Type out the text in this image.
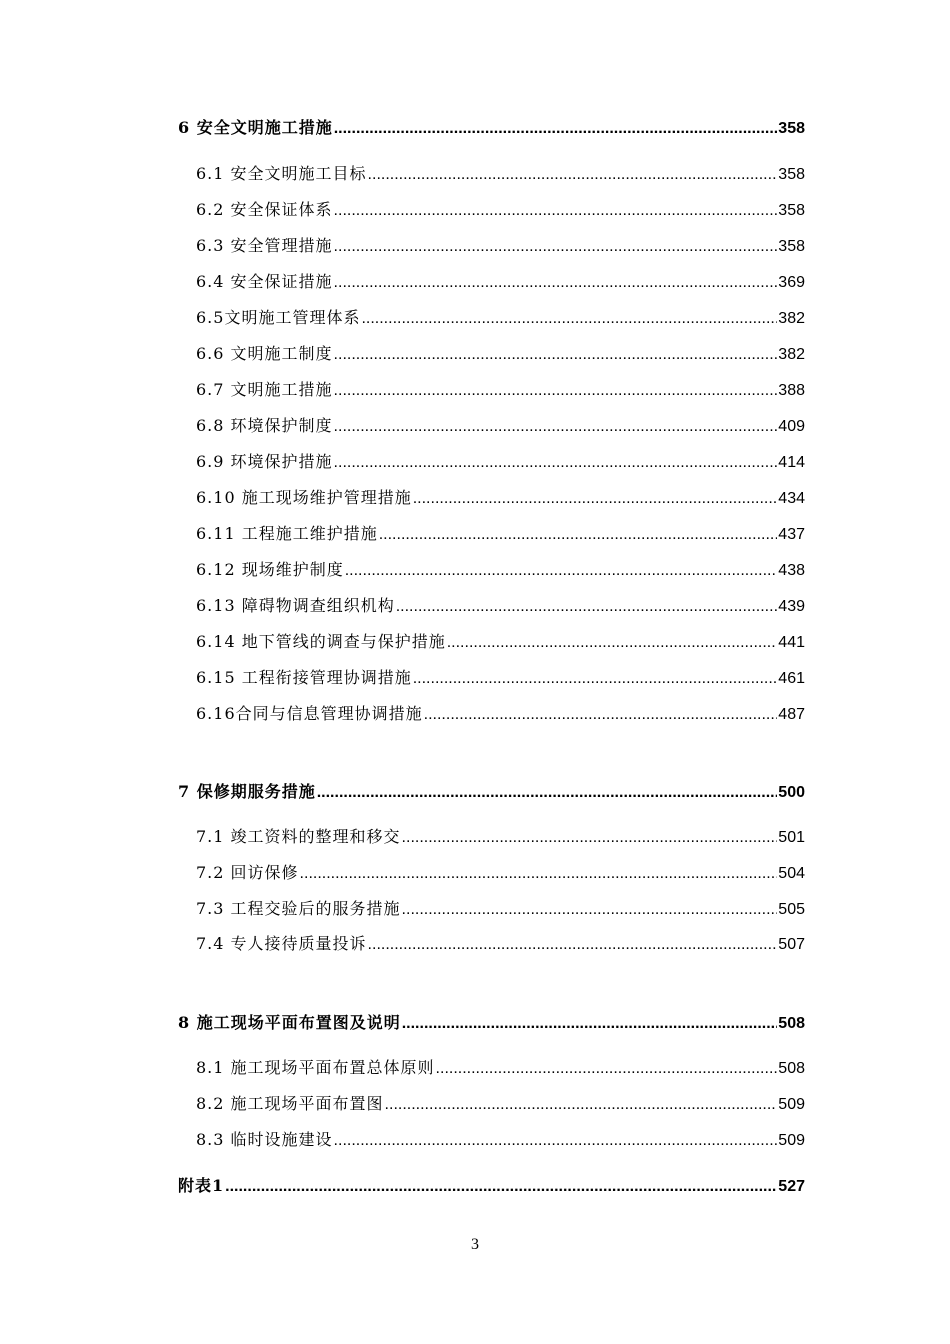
6 安全文明施工措施 .....	358
6.1 安全文明施工目标 .....	358
6.2 安全保证体系 .....	358
6.3 安全管理措施 .....	358
6.4 安全保证措施 .....	369
6.5文明施工管理体系 .....	382
6.6 文明施工制度 .....	382
6.7 文明施工措施 .....	388
6.8 环境保护制度 .....	409
6.9 环境保护措施 .....	414
6.10 施工现场维护管理措施 .....	434
6.11 工程施工维护措施 .....	437
6.12 现场维护制度 .....	438
6.13 障碍物调查组织机构 .....	439
6.14 地下管线的调查与保护措施 .....	441
6.15 工程衔接管理协调措施 .....	461
6.16合同与信息管理协调措施 .....	487
7 保修期服务措施 .....	500
7.1 竣工资料的整理和移交 .....	501
7.2 回访保修 .....	504
7.3 工程交验后的服务措施 .....	505
7.4 专人接待质量投诉 .....	507
8 施工现场平面布置图及说明 .....	508
8.1 施工现场平面布置总体原则 .....	508
8.2 施工现场平面布置图 .....	509
8.3 临时设施建设 .....	509
附表1 .....	527
3
